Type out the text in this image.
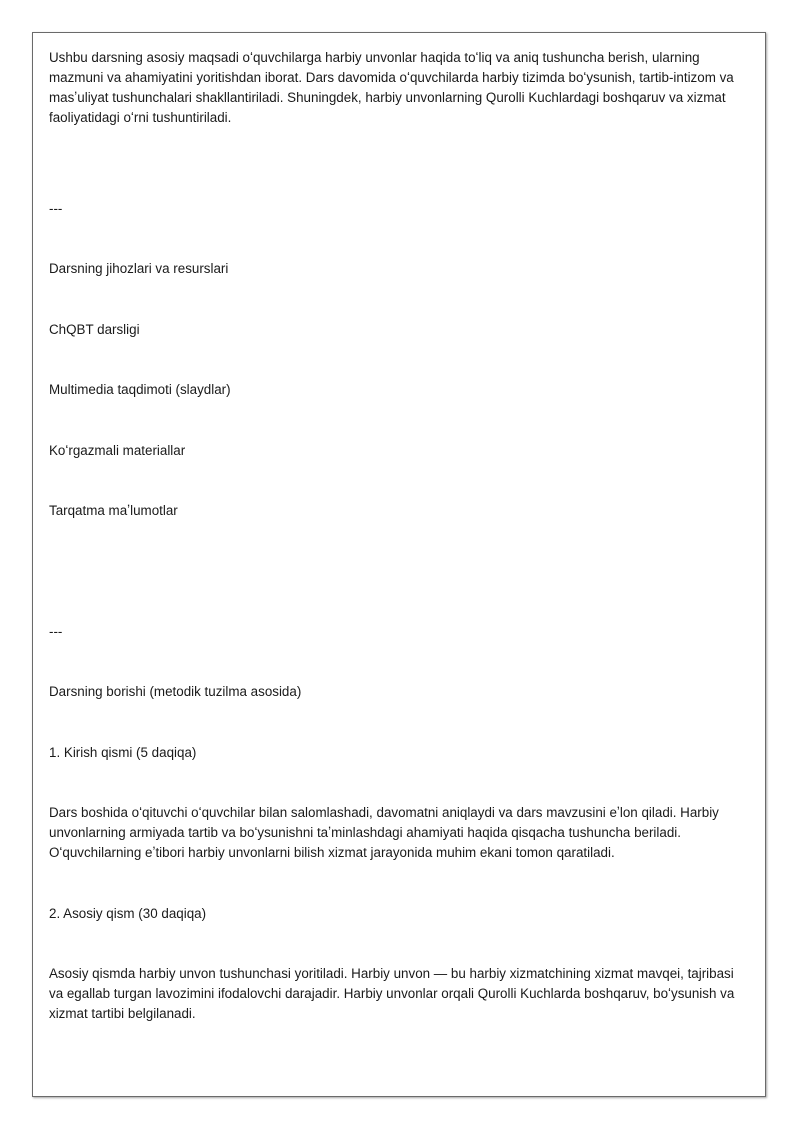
Ushbu darsning asosiy maqsadi oʻquvchilarga harbiy unvonlar haqida toʻliq va aniq tushuncha berish, ularning mazmuni va ahamiyatini yoritishdan iborat. Dars davomida oʻquvchilarda harbiy tizimda boʻysunish, tartib-intizom va masʼuliyat tushunchalari shakllantiriladi. Shuningdek, harbiy unvonlarning Qurolli Kuchlardagi boshqaruv va xizmat faoliyatidagi oʻrni tushuntiriladi.

---

Darsning jihozlari va resurslari

ChQBT darsligi

Multimedia taqdimoti (slaydlar)

Koʻrgazmali materiallar

Tarqatma maʼlumotlar

---

Darsning borishi (metodik tuzilma asosida)

1. Kirish qismi (5 daqiqa)

Dars boshida oʻqituvchi oʻquvchilar bilan salomlashadi, davomatni aniqlaydi va dars mavzusini eʼlon qiladi. Harbiy unvonlarning armiyada tartib va boʻysunishni taʼminlashdagi ahamiyati haqida qisqacha tushuncha beriladi. Oʻquvchilarning eʼtibori harbiy unvonlarni bilish xizmat jarayonida muhim ekani tomon qaratiladi.

2. Asosiy qism (30 daqiqa)

Asosiy qismda harbiy unvon tushunchasi yoritiladi. Harbiy unvon — bu harbiy xizmatchining xizmat mavqei, tajribasi va egallab turgan lavozimini ifodalovchi darajadir. Harbiy unvonlar orqali Qurolli Kuchlarda boshqaruv, boʻysunish va xizmat tartibi belgilanadi.
